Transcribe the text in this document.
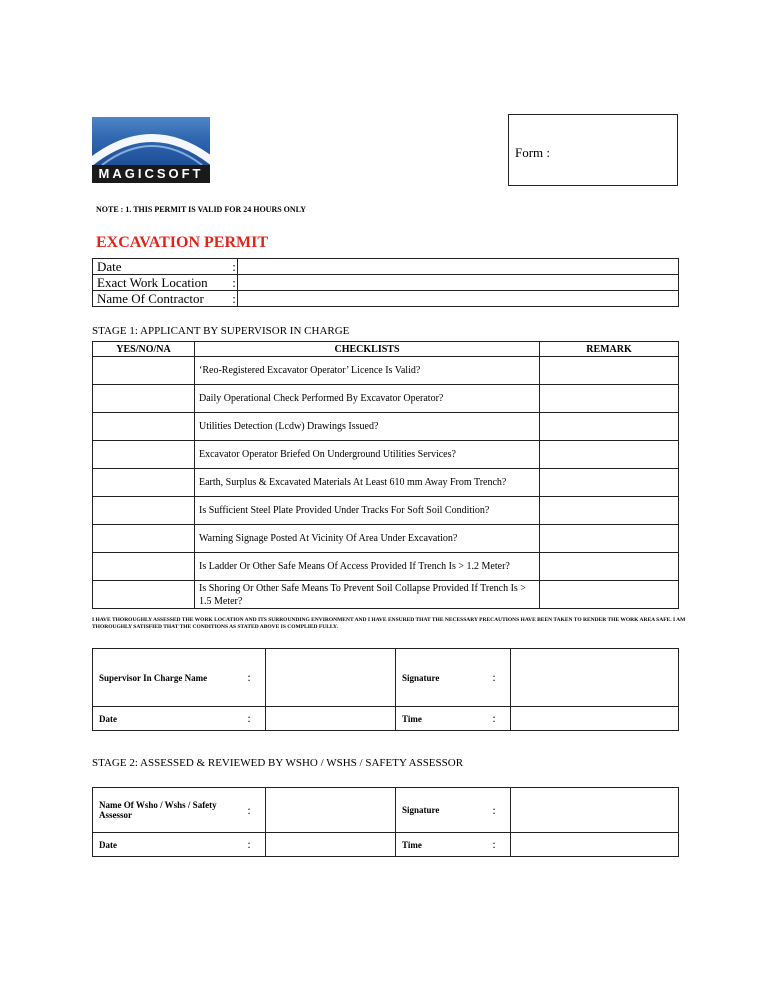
MAGICSOFT
Form :
NOTE : 1. THIS PERMIT IS VALID FOR 24 HOURS ONLY
EXCAVATION PERMIT
Date	:	
Exact Work Location	:	
Name Of Contractor	:	
STAGE 1: APPLICANT BY SUPERVISOR IN CHARGE
YES/NO/NA	CHECKLISTS	REMARK
	‘Reo-Registered Excavator Operator’ Licence Is Valid?	
	Daily Operational Check Performed By Excavator Operator?	
	Utilities Detection (Lcdw) Drawings Issued?	
	Excavator Operator Briefed On Underground Utilities Services?	
	Earth, Surplus & Excavated Materials At Least 610 mm Away From Trench?	
	Is Sufficient Steel Plate Provided Under Tracks For Soft Soil Condition?	
	Warning Signage Posted At Vicinity Of Area Under Excavation?	
	Is Ladder Or Other Safe Means Of Access Provided If Trench Is > 1.2 Meter?	
	Is Shoring Or Other Safe Means To Prevent Soil Collapse Provided If Trench Is > 1.5 Meter?	
I HAVE THOROUGHLY ASSESSED THE WORK LOCATION AND ITS SURROUNDING ENVIRONMENT AND I HAVE ENSURED THAT THE NECESSARY PRECAUTIONS HAVE BEEN TAKEN TO RENDER THE WORK AREA SAFE. I AM THOROUGHLY SATISFIED THAT THE CONDITIONS AS STATED ABOVE IS COMPLIED FULLY.
Supervisor In Charge Name	:		Signature	:	
Date	:		Time	:	
STAGE 2: ASSESSED & REVIEWED BY WSHO / WSHS / SAFETY ASSESSOR
Name Of Wsho / Wshs / Safety Assessor	:		Signature	:	
Date	:		Time	:	
